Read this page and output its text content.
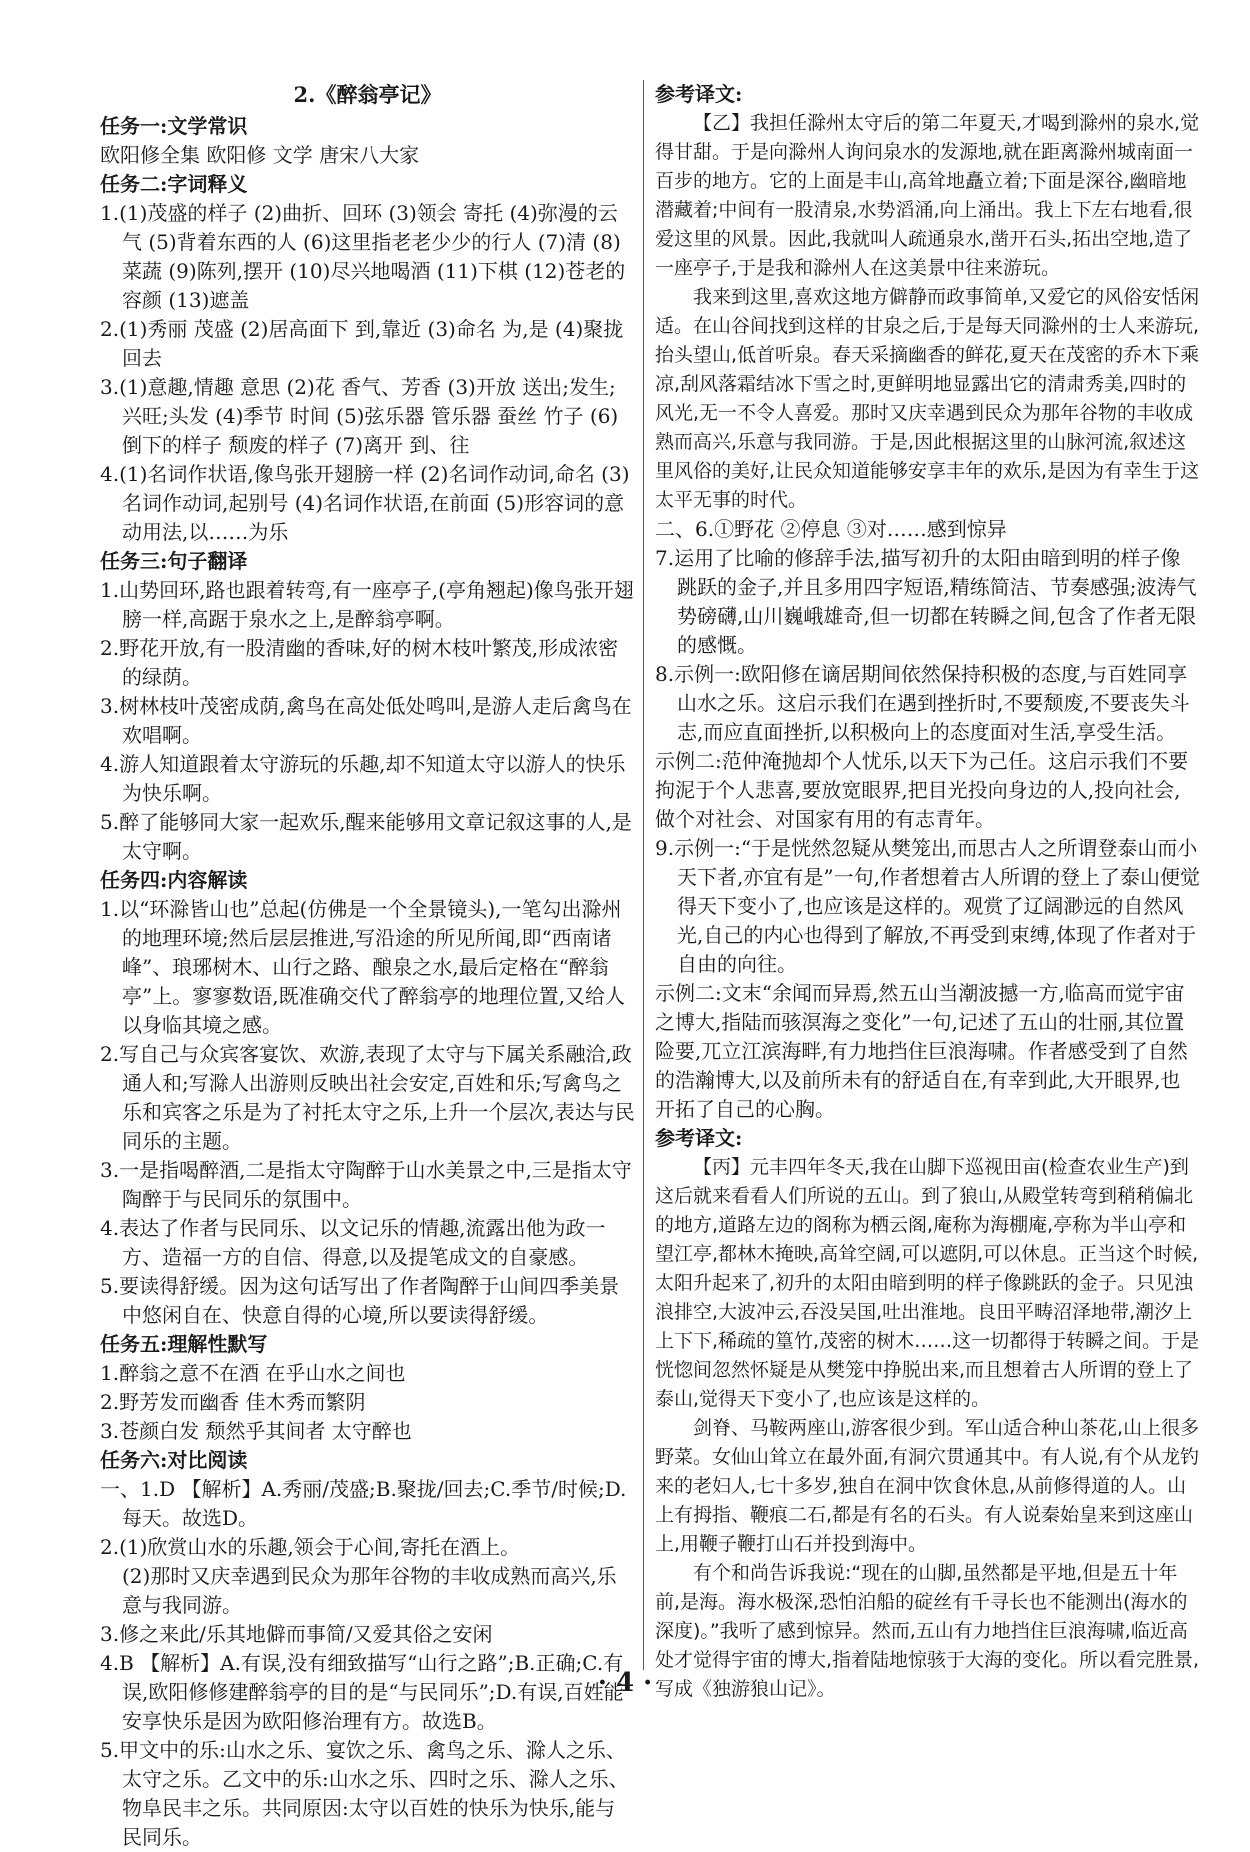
2.《醉翁亭记》

任务一:文学常识

欧阳修全集 欧阳修 文学 唐宋八大家

任务二:字词释义

1.(1)茂盛的样子 (2)曲折、回环 (3)领会 寄托 (4)弥漫的云气 (5)背着东西的人 (6)这里指老老少少的行人 (7)清 (8)菜蔬 (9)陈列,摆开 (10)尽兴地喝酒 (11)下棋 (12)苍老的容颜 (13)遮盖

2.(1)秀丽 茂盛 (2)居高面下 到,靠近 (3)命名 为,是 (4)聚拢 回去

3.(1)意趣,情趣 意思 (2)花 香气、芳香 (3)开放 送出;发生;兴旺;头发 (4)季节 时间 (5)弦乐器 管乐器 蚕丝 竹子 (6)倒下的样子 颓废的样子 (7)离开 到、往

4.(1)名词作状语,像鸟张开翅膀一样 (2)名词作动词,命名 (3)名词作动词,起别号 (4)名词作状语,在前面 (5)形容词的意动用法,以……为乐

任务三:句子翻译

1.山势回环,路也跟着转弯,有一座亭子,(亭角翘起)像鸟张开翅膀一样,高踞于泉水之上,是醉翁亭啊。

2.野花开放,有一股清幽的香味,好的树木枝叶繁茂,形成浓密的绿荫。

3.树林枝叶茂密成荫,禽鸟在高处低处鸣叫,是游人走后禽鸟在欢唱啊。

4.游人知道跟着太守游玩的乐趣,却不知道太守以游人的快乐为快乐啊。

5.醉了能够同大家一起欢乐,醒来能够用文章记叙这事的人,是太守啊。

任务四:内容解读

1.以“环滁皆山也”总起(仿佛是一个全景镜头),一笔勾出滁州的地理环境;然后层层推进,写沿途的所见所闻,即“西南诸峰”、琅琊树木、山行之路、酿泉之水,最后定格在“醉翁亭”上。寥寥数语,既准确交代了醉翁亭的地理位置,又给人以身临其境之感。

2.写自己与众宾客宴饮、欢游,表现了太守与下属关系融洽,政通人和;写滁人出游则反映出社会安定,百姓和乐;写禽鸟之乐和宾客之乐是为了衬托太守之乐,上升一个层次,表达与民同乐的主题。

3.一是指喝醉酒,二是指太守陶醉于山水美景之中,三是指太守陶醉于与民同乐的氛围中。

4.表达了作者与民同乐、以文记乐的情趣,流露出他为政一方、造福一方的自信、得意,以及提笔成文的自豪感。

5.要读得舒缓。因为这句话写出了作者陶醉于山间四季美景中悠闲自在、快意自得的心境,所以要读得舒缓。

任务五:理解性默写

1.醉翁之意不在酒 在乎山水之间也

2.野芳发而幽香 佳木秀而繁阴

3.苍颜白发 颓然乎其间者 太守醉也

任务六:对比阅读

一、1.D 【解析】A.秀丽/茂盛;B.聚拢/回去;C.季节/时候;D.每天。故选D。

2.(1)欣赏山水的乐趣,领会于心间,寄托在酒上。

(2)那时又庆幸遇到民众为那年谷物的丰收成熟而高兴,乐意与我同游。

3.修之来此/乐其地僻而事简/又爱其俗之安闲

4.B 【解析】A.有误,没有细致描写“山行之路”;B.正确;C.有误,欧阳修修建醉翁亭的目的是“与民同乐”;D.有误,百姓能安享快乐是因为欧阳修治理有方。故选B。

5.甲文中的乐:山水之乐、宴饮之乐、禽鸟之乐、滁人之乐、太守之乐。乙文中的乐:山水之乐、四时之乐、滁人之乐、物阜民丰之乐。共同原因:太守以百姓的快乐为快乐,能与民同乐。

参考译文:

【乙】我担任滁州太守后的第二年夏天,才喝到滁州的泉水,觉得甘甜。于是向滁州人询问泉水的发源地,就在距离滁州城南面一百步的地方。它的上面是丰山,高耸地矗立着;下面是深谷,幽暗地潜藏着;中间有一股清泉,水势滔涌,向上涌出。我上下左右地看,很爱这里的风景。因此,我就叫人疏通泉水,凿开石头,拓出空地,造了一座亭子,于是我和滁州人在这美景中往来游玩。

我来到这里,喜欢这地方僻静而政事简单,又爱它的风俗安恬闲适。在山谷间找到这样的甘泉之后,于是每天同滁州的士人来游玩,抬头望山,低首听泉。春天采摘幽香的鲜花,夏天在茂密的乔木下乘凉,刮风落霜结冰下雪之时,更鲜明地显露出它的清肃秀美,四时的风光,无一不令人喜爱。那时又庆幸遇到民众为那年谷物的丰收成熟而高兴,乐意与我同游。于是,因此根据这里的山脉河流,叙述这里风俗的美好,让民众知道能够安享丰年的欢乐,是因为有幸生于这太平无事的时代。

二、6.①野花 ②停息 ③对……感到惊异

7.运用了比喻的修辞手法,描写初升的太阳由暗到明的样子像跳跃的金子,并且多用四字短语,精练简洁、节奏感强;波涛气势磅礴,山川巍峨雄奇,但一切都在转瞬之间,包含了作者无限的感慨。

8.示例一:欧阳修在谪居期间依然保持积极的态度,与百姓同享山水之乐。这启示我们在遇到挫折时,不要颓废,不要丧失斗志,而应直面挫折,以积极向上的态度面对生活,享受生活。

示例二:范仲淹抛却个人忧乐,以天下为己任。这启示我们不要拘泥于个人悲喜,要放宽眼界,把目光投向身边的人,投向社会,做个对社会、对国家有用的有志青年。

9.示例一:“于是恍然忽疑从樊笼出,而思古人之所谓登泰山而小天下者,亦宜有是”一句,作者想着古人所谓的登上了泰山便觉得天下变小了,也应该是这样的。观赏了辽阔渺远的自然风光,自己的内心也得到了解放,不再受到束缚,体现了作者对于自由的向往。

示例二:文末“余闻而异焉,然五山当潮波撼一方,临高而觉宇宙之博大,指陆而骇溟海之变化”一句,记述了五山的壮丽,其位置险要,兀立江滨海畔,有力地挡住巨浪海啸。作者感受到了自然的浩瀚博大,以及前所未有的舒适自在,有幸到此,大开眼界,也开拓了自己的心胸。

参考译文:

【丙】元丰四年冬天,我在山脚下巡视田亩(检查农业生产)到这后就来看看人们所说的五山。到了狼山,从殿堂转弯到稍稍偏北的地方,道路左边的阁称为栖云阁,庵称为海棚庵,亭称为半山亭和望江亭,都林木掩映,高耸空阔,可以遮阴,可以休息。正当这个时候,太阳升起来了,初升的太阳由暗到明的样子像跳跃的金子。只见浊浪排空,大波冲云,吞没吴国,吐出淮地。良田平畴沼泽地带,潮汐上上下下,稀疏的篁竹,茂密的树木……这一切都得于转瞬之间。于是恍惚间忽然怀疑是从樊笼中挣脱出来,而且想着古人所谓的登上了泰山,觉得天下变小了,也应该是这样的。

剑脊、马鞍两座山,游客很少到。军山适合种山茶花,山上很多野菜。女仙山耸立在最外面,有洞穴贯通其中。有人说,有个从龙钓来的老妇人,七十多岁,独自在洞中饮食休息,从前修得道的人。山上有拇指、鞭痕二石,都是有名的石头。有人说秦始皇来到这座山上,用鞭子鞭打山石并投到海中。

有个和尚告诉我说:“现在的山脚,虽然都是平地,但是五十年前,是海。海水极深,恐怕泊船的碇丝有千寻长也不能测出(海水的深度)。”我听了感到惊异。然而,五山有力地挡住巨浪海啸,临近高处才觉得宇宙的博大,指着陆地惊骇于大海的变化。所以看完胜景,写成《独游狼山记》。

· 4 ·
